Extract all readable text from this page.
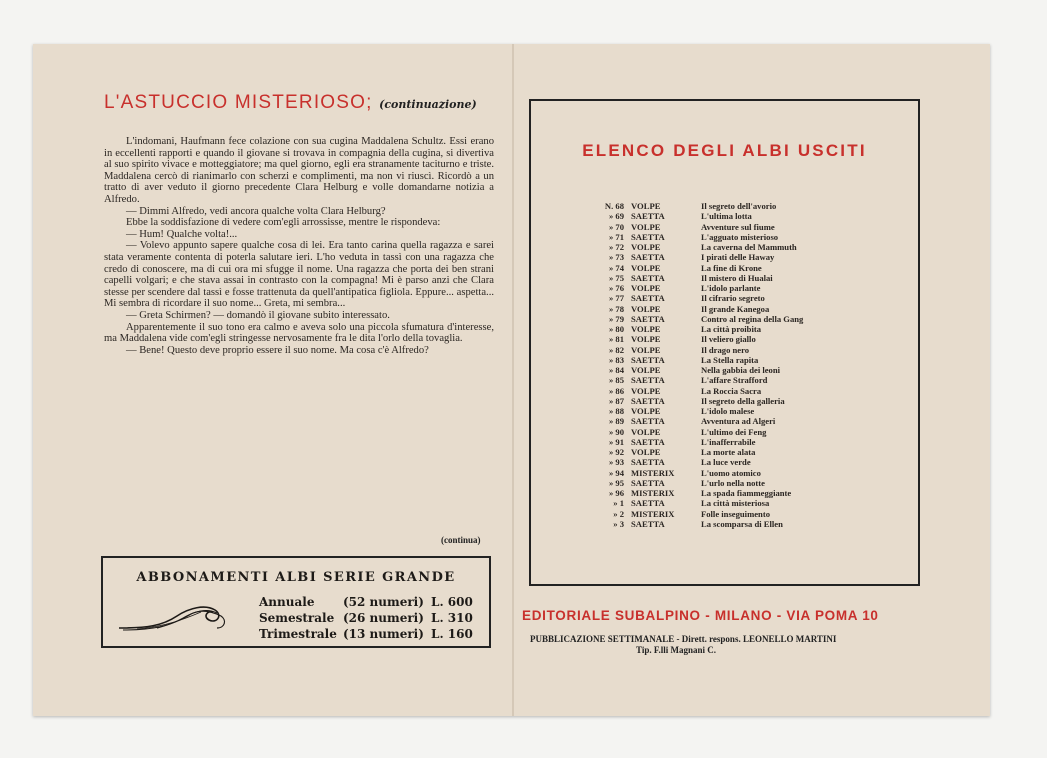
L'ASTUCCIO MISTERIOSO; (continuazione)

L'indomani, Haufmann fece colazione con sua cugina Maddalena Schultz. Essi erano in eccellenti rapporti e quando il giovane si trovava in compagnia della cugina, si divertiva al suo spirito vivace e motteggiatore; ma quel giorno, egli era stranamente taciturno e triste. Maddalena cercò di rianimarlo con scherzi e complimenti, ma non vi riuscì. Ricordò a un tratto di aver veduto il giorno precedente Clara Helburg e volle domandarne notizia a Alfredo.

— Dimmi Alfredo, vedi ancora qualche volta Clara Helburg?

Ebbe la soddisfazione di vedere com'egli arrossisse, mentre le rispondeva:

— Hum! Qualche volta!...

— Volevo appunto sapere qualche cosa di lei. Era tanto carina quella ragazza e sarei stata veramente contenta di poterla salutare ieri. L'ho veduta in tassì con una ragazza che credo di conoscere, ma di cui ora mi sfugge il nome. Una ragazza che porta dei ben strani capelli volgari; e che stava assai in contrasto con la compagna! Mi è parso anzi che Clara stesse per scendere dal tassì e fosse trattenuta da quell'antipatica figliola. Eppure... aspetta... Mi sembra di ricordare il suo nome... Greta, mi sembra...

— Greta Schirmen? — domandò il giovane subito interessato.

Apparentemente il suo tono era calmo e aveva solo una piccola sfumatura d'interesse, ma Maddalena vide com'egli stringesse nervosamente fra le dita l'orlo della tovaglia.

— Bene! Questo deve proprio essere il suo nome. Ma cosa c'è Alfredo?

(continua)
ABBONAMENTI ALBI SERIE GRANDE
Annuale	(52 numeri) L. 600
Semestrale (26 numeri) L. 310
Trimestrale (13 numeri) L. 160
ELENCO DEGLI ALBI USCITI
N. 68 VOLPE	Il segreto dell'avorio
» 69 SAETTA	L'ultima lotta
» 70 VOLPE	Avventure sul fiume
» 71 SAETTA	L'agguato misterioso
» 72 VOLPE	La caverna del Mammuth
» 73 SAETTA	I pirati delle Haway
» 74 VOLPE	La fine di Krone
» 75 SAETTA	Il mistero di Hualai
» 76 VOLPE	L'idolo parlante
» 77 SAETTA	Il cifrario segreto
» 78 VOLPE	Il grande Kanegoa
» 79 SAETTA	Contro al regina della Gang
» 80 VOLPE	La città proibita
» 81 VOLPE	Il veliero giallo
» 82 VOLPE	Il drago nero
» 83 SAETTA	La Stella rapita
» 84 VOLPE	Nella gabbia dei leoni
» 85 SAETTA	L'affare Strafford
» 86 VOLPE	La Roccia Sacra
» 87 SAETTA	Il segreto della galleria
» 88 VOLPE	L'idolo malese
» 89 SAETTA	Avventura ad Algeri
» 90 VOLPE	L'ultimo dei Feng
» 91 SAETTA	L'inafferrabile
» 92 VOLPE	La morte alata
» 93 SAETTA	La luce verde
» 94 MISTERIX	L'uomo atomico
» 95 SAETTA	L'urlo nella notte
» 96 MISTERIX	La spada fiammeggiante
» 1 SAETTA	La città misteriosa
» 2 MISTERIX	Folle inseguimento
» 3 SAETTA	La scomparsa di Ellen
EDITORIALE SUBALPINO - MILANO - VIA POMA 10
PUBBLICAZIONE SETTIMANALE - Dirett. respons. LEONELLO MARTINI
Tip. F.lli Magnani C.
